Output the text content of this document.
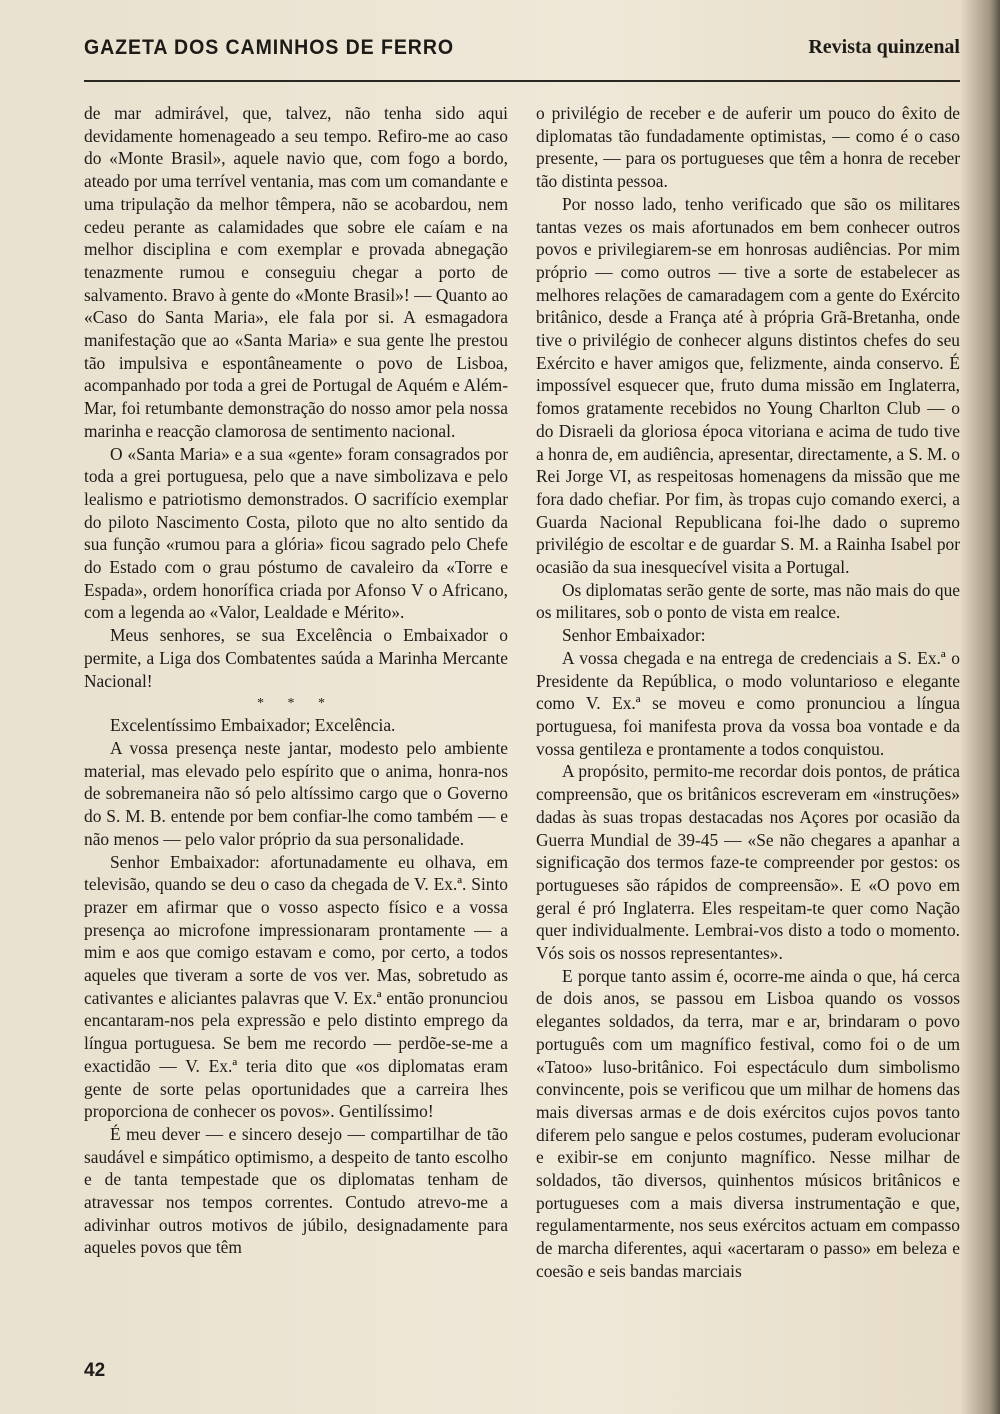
GAZETA DOS CAMINHOS DE FERRO	Revista quinzenal

de mar admirável, que, talvez, não tenha sido aqui devidamente homenageado a seu tempo. Refiro-me ao caso do «Monte Brasil», aquele navio que, com fogo a bordo, ateado por uma terrível ventania, mas com um comandante e uma tripulação da melhor têmpera, não se acobardou, nem cedeu perante as calamidades que sobre ele caíam e na melhor disciplina e com exemplar e provada abnegação tenazmente rumou e conseguiu chegar a porto de salvamento. Bravo à gente do «Monte Brasil»! — Quanto ao «Caso do Santa Maria», ele fala por si. A esmagadora manifestação que ao «Santa Maria» e sua gente lhe prestou tão impulsiva e espontâneamente o povo de Lisboa, acompanhado por toda a grei de Portugal de Aquém e Além-Mar, foi retumbante demonstração do nosso amor pela nossa marinha e reacção clamorosa de sentimento nacional.

O «Santa Maria» e a sua «gente» foram consagrados por toda a grei portuguesa, pelo que a nave simbolizava e pelo lealismo e patriotismo demonstrados. O sacrifício exemplar do piloto Nascimento Costa, piloto que no alto sentido da sua função «rumou para a glória» ficou sagrado pelo Chefe do Estado com o grau póstumo de cavaleiro da «Torre e Espada», ordem honorífica criada por Afonso V o Africano, com a legenda ao «Valor, Lealdade e Mérito».

Meus senhores, se sua Excelência o Embaixador o permite, a Liga dos Combatentes saúda a Marinha Mercante Nacional!

* * *

Excelentíssimo Embaixador; Excelência.

A vossa presença neste jantar, modesto pelo ambiente material, mas elevado pelo espírito que o anima, honra-nos de sobremaneira não só pelo altíssimo cargo que o Governo do S. M. B. entende por bem confiar-lhe como também — e não menos — pelo valor próprio da sua personalidade.

Senhor Embaixador: afortunadamente eu olhava, em televisão, quando se deu o caso da chegada de V. Ex.ª. Sinto prazer em afirmar que o vosso aspecto físico e a vossa presença ao microfone impressionaram prontamente — a mim e aos que comigo estavam e como, por certo, a todos aqueles que tiveram a sorte de vos ver. Mas, sobretudo as cativantes e aliciantes palavras que V. Ex.ª então pronunciou encantaram-nos pela expressão e pelo distinto emprego da língua portuguesa. Se bem me recordo — perdõe-se-me a exactidão — V. Ex.ª teria dito que «os diplomatas eram gente de sorte pelas oportunidades que a carreira lhes proporciona de conhecer os povos». Gentilíssimo!

É meu dever — e sincero desejo — compartilhar de tão saudável e simpático optimismo, a despeito de tanto escolho e de tanta tempestade que os diplomatas tenham de atravessar nos tempos correntes. Contudo atrevo-me a adivinhar outros motivos de júbilo, designadamente para aqueles povos que têm

o privilégio de receber e de auferir um pouco do êxito de diplomatas tão fundadamente optimistas, — como é o caso presente, — para os portugueses que têm a honra de receber tão distinta pessoa.

Por nosso lado, tenho verificado que são os militares tantas vezes os mais afortunados em bem conhecer outros povos e privilegiarem-se em honrosas audiências. Por mim próprio — como outros — tive a sorte de estabelecer as melhores relações de camaradagem com a gente do Exército britânico, desde a França até à própria Grã-Bretanha, onde tive o privilégio de conhecer alguns distintos chefes do seu Exército e haver amigos que, felizmente, ainda conservo. É impossível esquecer que, fruto duma missão em Inglaterra, fomos gratamente recebidos no Young Charlton Club — o do Disraeli da gloriosa época vitoriana e acima de tudo tive a honra de, em audiência, apresentar, directamente, a S. M. o Rei Jorge VI, as respeitosas homenagens da missão que me fora dado chefiar. Por fim, às tropas cujo comando exerci, a Guarda Nacional Republicana foi-lhe dado o supremo privilégio de escoltar e de guardar S. M. a Rainha Isabel por ocasião da sua inesquecível visita a Portugal.

Os diplomatas serão gente de sorte, mas não mais do que os militares, sob o ponto de vista em realce.

Senhor Embaixador:

A vossa chegada e na entrega de credenciais a S. Ex.ª o Presidente da República, o modo voluntarioso e elegante como V. Ex.ª se moveu e como pronunciou a língua portuguesa, foi manifesta prova da vossa boa vontade e da vossa gentileza e prontamente a todos conquistou.

A propósito, permito-me recordar dois pontos, de prática compreensão, que os britânicos escreveram em «instruções» dadas às suas tropas destacadas nos Açores por ocasião da Guerra Mundial de 39-45 — «Se não chegares a apanhar a significação dos termos faze-te compreender por gestos: os portugueses são rápidos de compreensão». E «O povo em geral é pró Inglaterra. Eles respeitam-te quer como Nação quer individualmente. Lembrai-vos disto a todo o momento. Vós sois os nossos representantes».

E porque tanto assim é, ocorre-me ainda o que, há cerca de dois anos, se passou em Lisboa quando os vossos elegantes soldados, da terra, mar e ar, brindaram o povo português com um magnífico festival, como foi o de um «Tatoo» luso-britânico. Foi espectáculo dum simbolismo convincente, pois se verificou que um milhar de homens das mais diversas armas e de dois exércitos cujos povos tanto diferem pelo sangue e pelos costumes, puderam evolucionar e exibir-se em conjunto magnífico. Nesse milhar de soldados, tão diversos, quinhentos músicos britânicos e portugueses com a mais diversa instrumentação e que, regulamentarmente, nos seus exércitos actuam em compasso de marcha diferentes, aqui «acertaram o passo» em beleza e coesão e seis bandas marciais

42
